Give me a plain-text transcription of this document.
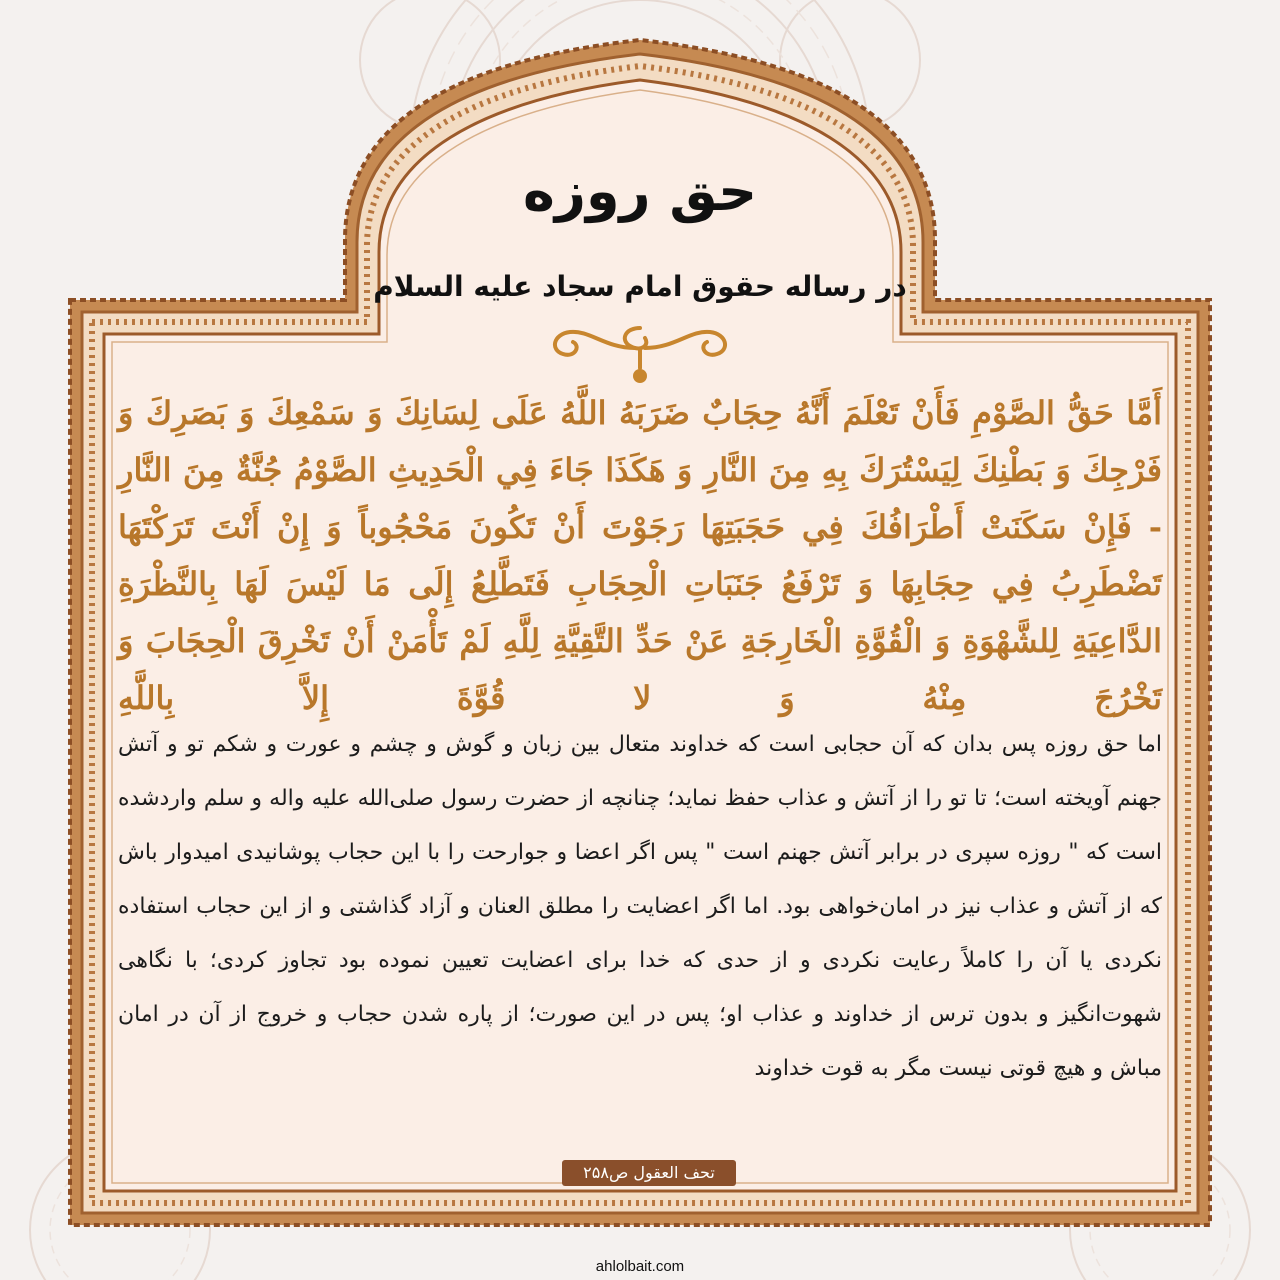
حق روزه
در رساله حقوق امام سجاد علیه السلام

أَمَّا حَقُّ الصَّوْمِ فَأَنْ تَعْلَمَ أَنَّهُ حِجَابٌ ضَرَبَهُ اللَّهُ عَلَى لِسَانِكَ وَ سَمْعِكَ وَ بَصَرِكَ وَ فَرْجِكَ وَ بَطْنِكَ لِيَسْتُرَكَ بِهِ مِنَ النَّارِ وَ هَكَذَا جَاءَ فِي الْحَدِيثِ الصَّوْمُ جُنَّةٌ مِنَ النَّارِ - فَإِنْ سَكَنَتْ أَطْرَافُكَ فِي حَجَبَتِهَا رَجَوْتَ أَنْ تَكُونَ مَحْجُوباً وَ إِنْ أَنْتَ تَرَكْتَهَا تَضْطَرِبُ فِي حِجَابِهَا وَ تَرْفَعُ جَنَبَاتِ الْحِجَابِ فَتَطَّلِعُ إِلَى مَا لَيْسَ لَهَا بِالنَّظْرَةِ الدَّاعِيَةِ لِلشَّهْوَةِ وَ الْقُوَّةِ الْخَارِجَةِ عَنْ حَدِّ التَّقِيَّةِ لِلَّهِ لَمْ تَأْمَنْ أَنْ تَخْرِقَ الْحِجَابَ وَ تَخْرُجَ مِنْهُ وَ لا قُوَّةَ إِلاَّ بِاللَّهِ

اما حق روزه پس بدان که آن حجابی است که خداوند متعال بین زبان و گوش و چشم و عورت و شکم تو و آتش جهنم آویخته است؛ تا تو را از آتش و عذاب حفظ نماید؛ چنانچه از حضرت رسول صلی‌الله علیه واله و سلم واردشده است که " روزه سپری در برابر آتش جهنم است " پس اگر اعضا و جوارحت را با این حجاب پوشانیدی امیدوار باش که از آتش و عذاب نیز در امان‌خواهی بود. اما اگر اعضایت را مطلق العنان و آزاد گذاشتی و از این حجاب استفاده نکردی یا آن را کاملاً رعایت نکردی و از حدی که خدا برای اعضایت تعیین نموده بود تجاوز کردی؛ با نگاهی شهوت‌انگیز و بدون ترس از خداوند و عذاب او؛ پس در این صورت؛ از پاره شدن حجاب و خروج از آن در امان مباش و هیچ قوتی نیست مگر به قوت خداوند

تحف العقول ص۲۵۸
ahlolbait.com
